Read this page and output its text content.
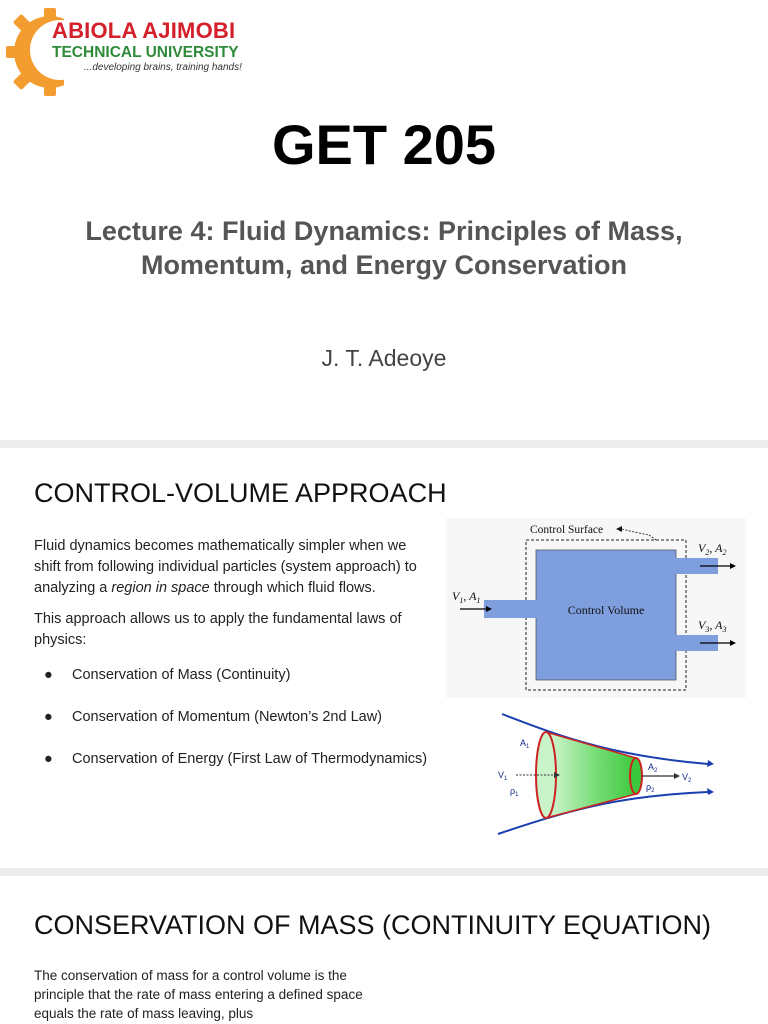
ABIOLA AJIMOBI
TECHNICAL UNIVERSITY
...developing brains, training hands!
GET 205
Lecture 4: Fluid Dynamics: Principles of Mass, Momentum, and Energy Conservation
J. T. Adeoye
CONTROL-VOLUME APPROACH

Fluid dynamics becomes mathematically simpler when we shift from following individual particles (system approach) to analyzing a region in space through which fluid flows.

This approach allows us to apply the fundamental laws of physics:

● Conservation of Mass (Continuity)
● Conservation of Momentum (Newton’s 2nd Law)
● Conservation of Energy (First Law of Thermodynamics)
Control Surface
Control Volume
$V_1$, $A_1$
$V_2$, $A_2$
$V_3$, $A_3$
$A_1$
$V_1$
$\rho_1$
$A_2$
$V_2$
$\rho_2$
CONSERVATION OF MASS (CONTINUITY EQUATION)
The conservation of mass for a control volume is the principle that the rate of mass entering a defined space equals the rate of mass leaving, plus
